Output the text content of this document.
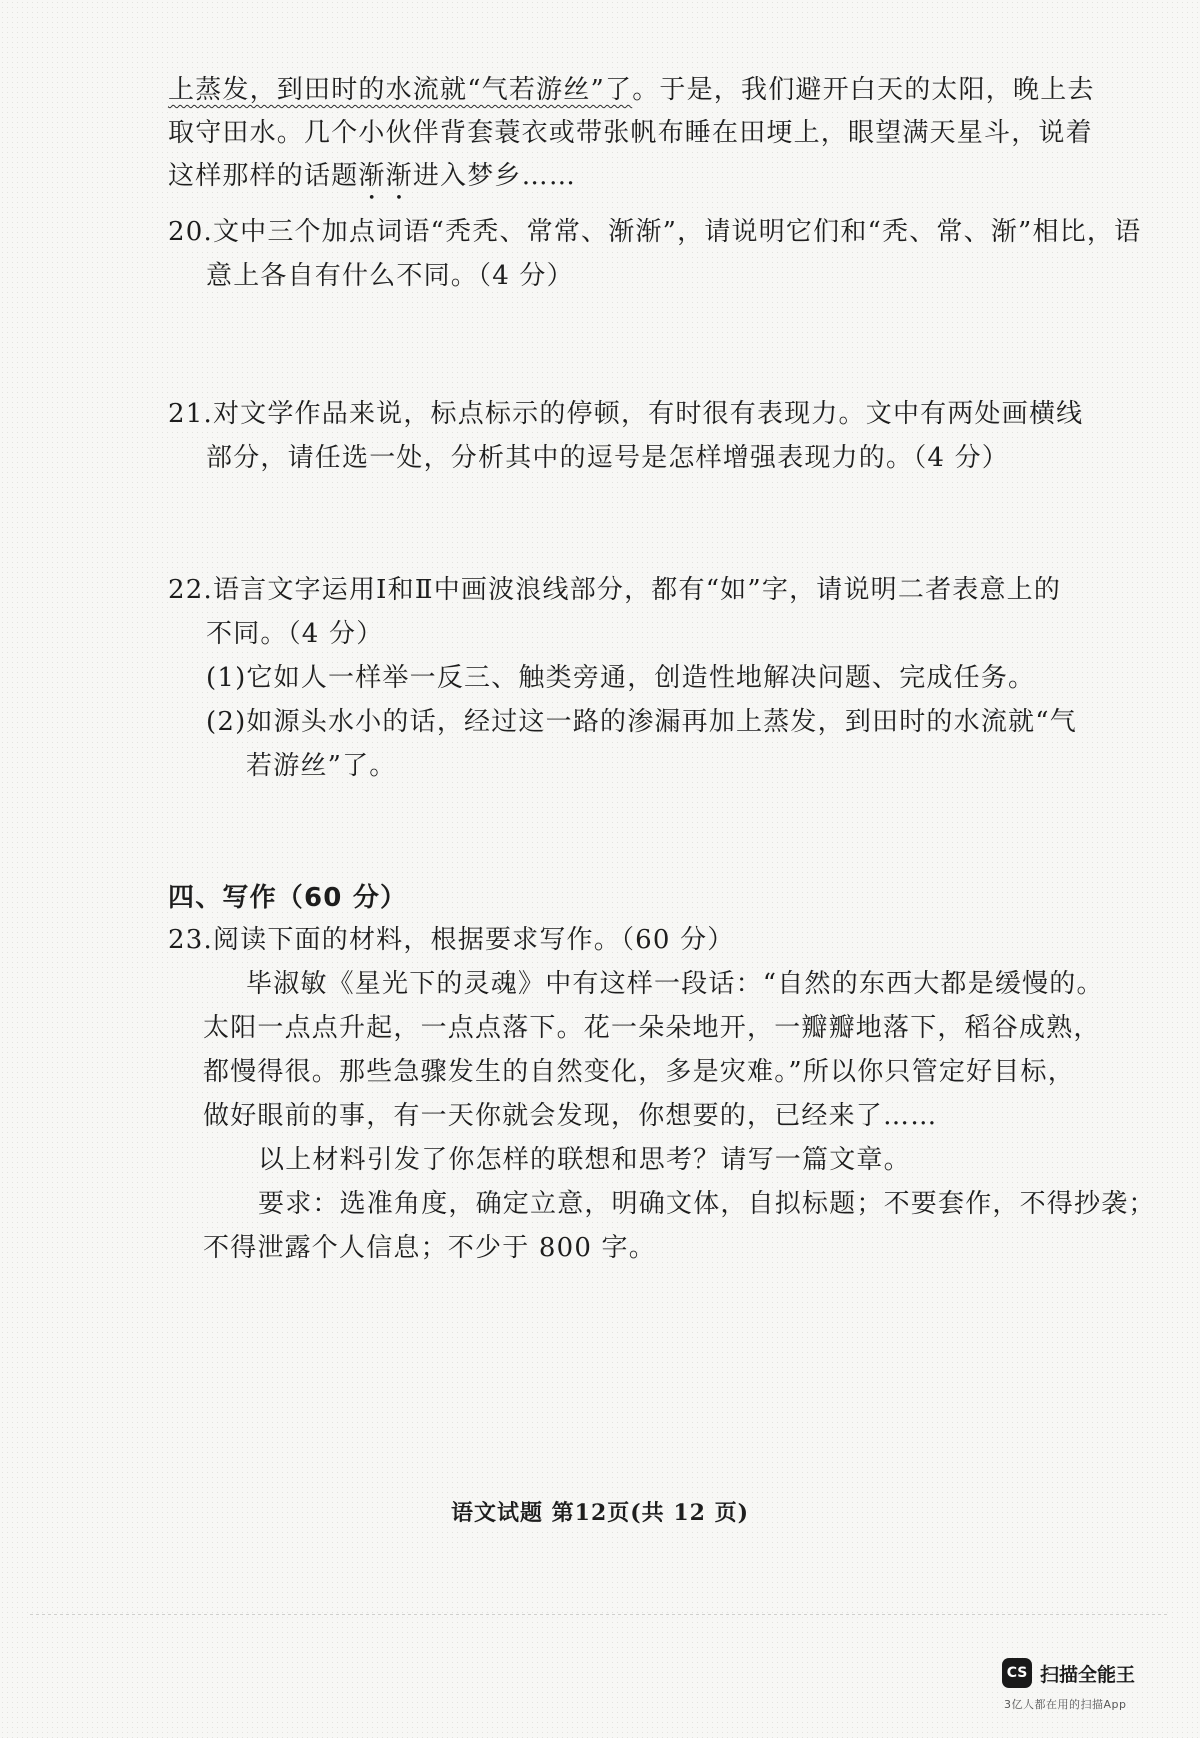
上蒸发，到田时的水流就“气若游丝”了。于是，我们避开白天的太阳，晚上去
取守田水。几个小伙伴背套蓑衣或带张帆布睡在田埂上，眼望满天星斗，说着
这样那样的话题渐渐进入梦乡……
20.文中三个加点词语“秃秃、常常、渐渐”，请说明它们和“秃、常、渐”相比，语
意上各自有什么不同。（4 分）
21.对文学作品来说，标点标示的停顿，有时很有表现力。文中有两处画横线
部分，请任选一处，分析其中的逗号是怎样增强表现力的。（4 分）
22.语言文字运用Ⅰ和Ⅱ中画波浪线部分，都有“如”字，请说明二者表意上的
不同。（4 分）
(1)它如人一样举一反三、触类旁通，创造性地解决问题、完成任务。
(2)如源头水小的话，经过这一路的渗漏再加上蒸发，到田时的水流就“气
若游丝”了。
四、写作（60 分）
23.阅读下面的材料，根据要求写作。（60 分）
毕淑敏《星光下的灵魂》中有这样一段话：“自然的东西大都是缓慢的。
太阳一点点升起，一点点落下。花一朵朵地开，一瓣瓣地落下，稻谷成熟，
都慢得很。那些急骤发生的自然变化，多是灾难。”所以你只管定好目标，
做好眼前的事，有一天你就会发现，你想要的，已经来了……
以上材料引发了你怎样的联想和思考？请写一篇文章。
要求：选准角度，确定立意，明确文体，自拟标题；不要套作，不得抄袭；
不得泄露个人信息；不少于 800 字。
语文试题 第12页(共 12 页)
CS 扫描全能王
3亿人都在用的扫描App
